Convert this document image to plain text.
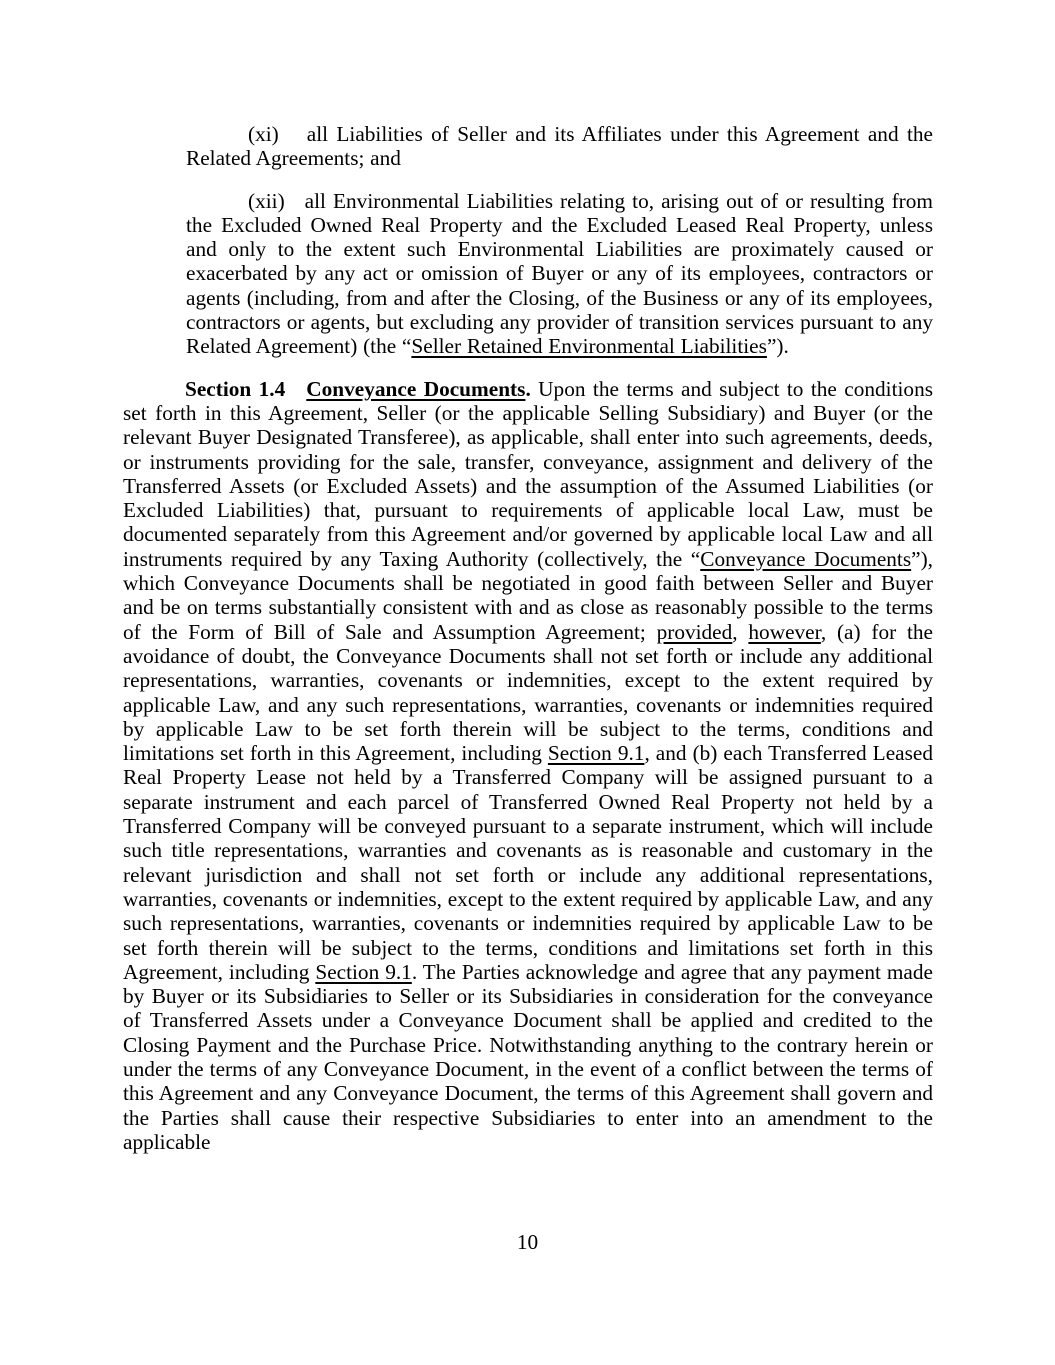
(xi) all Liabilities of Seller and its Affiliates under this Agreement and the Related Agreements; and

(xii) all Environmental Liabilities relating to, arising out of or resulting from the Excluded Owned Real Property and the Excluded Leased Real Property, unless and only to the extent such Environmental Liabilities are proximately caused or exacerbated by any act or omission of Buyer or any of its employees, contractors or agents (including, from and after the Closing, of the Business or any of its employees, contractors or agents, but excluding any provider of transition services pursuant to any Related Agreement) (the “Seller Retained Environmental Liabilities”).

Section 1.4 Conveyance Documents. Upon the terms and subject to the conditions set forth in this Agreement, Seller (or the applicable Selling Subsidiary) and Buyer (or the relevant Buyer Designated Transferee), as applicable, shall enter into such agreements, deeds, or instruments providing for the sale, transfer, conveyance, assignment and delivery of the Transferred Assets (or Excluded Assets) and the assumption of the Assumed Liabilities (or Excluded Liabilities) that, pursuant to requirements of applicable local Law, must be documented separately from this Agreement and/or governed by applicable local Law and all instruments required by any Taxing Authority (collectively, the “Conveyance Documents”), which Conveyance Documents shall be negotiated in good faith between Seller and Buyer and be on terms substantially consistent with and as close as reasonably possible to the terms of the Form of Bill of Sale and Assumption Agreement; provided, however, (a) for the avoidance of doubt, the Conveyance Documents shall not set forth or include any additional representations, warranties, covenants or indemnities, except to the extent required by applicable Law, and any such representations, warranties, covenants or indemnities required by applicable Law to be set forth therein will be subject to the terms, conditions and limitations set forth in this Agreement, including Section 9.1, and (b) each Transferred Leased Real Property Lease not held by a Transferred Company will be assigned pursuant to a separate instrument and each parcel of Transferred Owned Real Property not held by a Transferred Company will be conveyed pursuant to a separate instrument, which will include such title representations, warranties and covenants as is reasonable and customary in the relevant jurisdiction and shall not set forth or include any additional representations, warranties, covenants or indemnities, except to the extent required by applicable Law, and any such representations, warranties, covenants or indemnities required by applicable Law to be set forth therein will be subject to the terms, conditions and limitations set forth in this Agreement, including Section 9.1. The Parties acknowledge and agree that any payment made by Buyer or its Subsidiaries to Seller or its Subsidiaries in consideration for the conveyance of Transferred Assets under a Conveyance Document shall be applied and credited to the Closing Payment and the Purchase Price. Notwithstanding anything to the contrary herein or under the terms of any Conveyance Document, in the event of a conflict between the terms of this Agreement and any Conveyance Document, the terms of this Agreement shall govern and the Parties shall cause their respective Subsidiaries to enter into an amendment to the applicable

10
